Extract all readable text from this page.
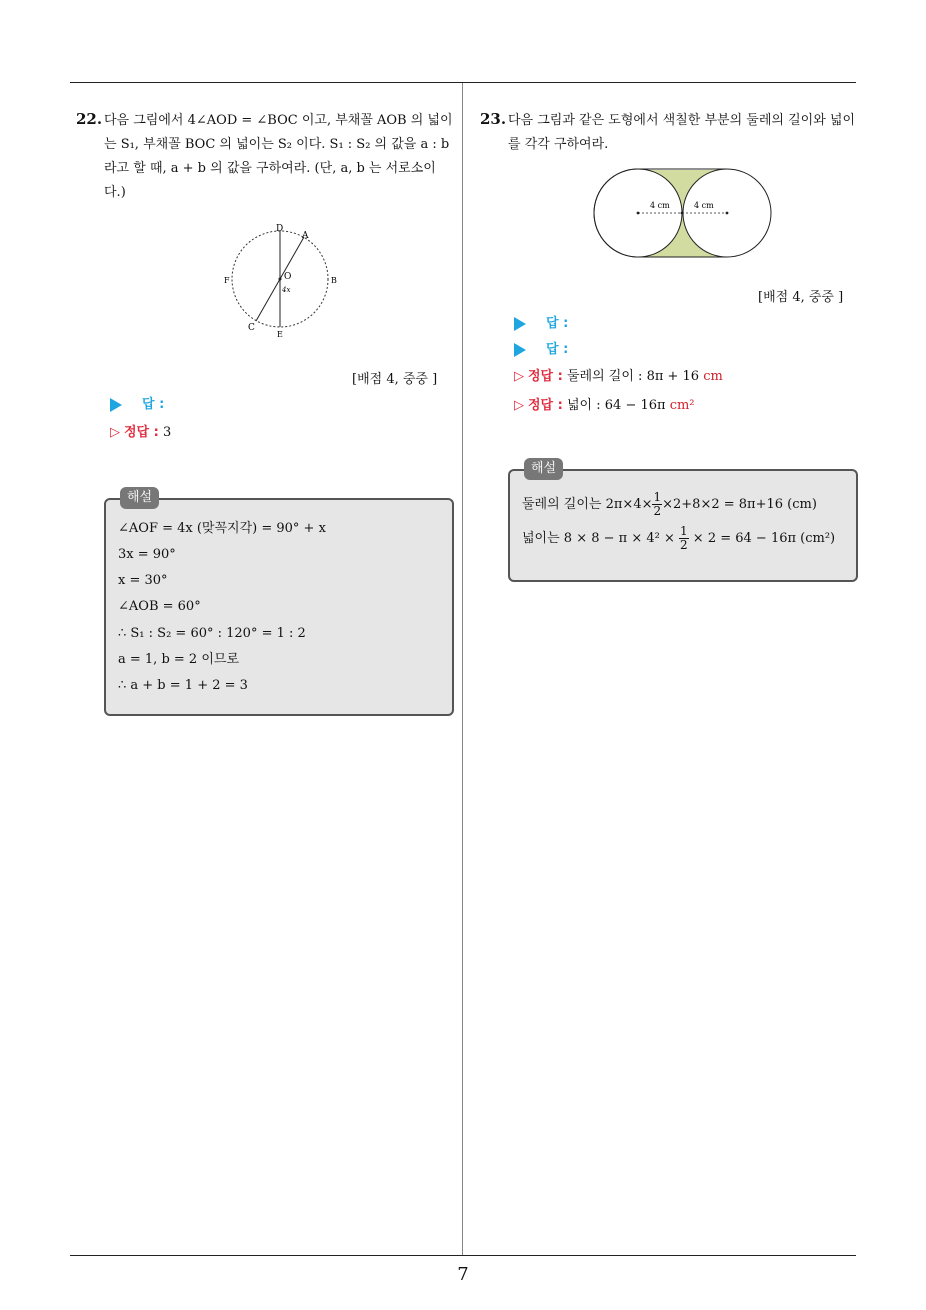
22. 다음 그림에서 4∠AOD = ∠BOC 이고, 부채꼴 AOB 의 넓이는 S₁, 부채꼴 BOC 의 넓이는 S₂ 이다. S₁ : S₂ 의 값을 a : b 라고 할 때, a + b 의 값을 구하여라. (단, a, b 는 서로소이다.)
D
A
F	B
C
E
O
4x
[배점 4, 중중 ]
답 :
▷ 정답 : 3
∠AOF = 4x (맞꼭지각) = 90° + x
3x = 90°
x = 30°
∠AOB = 60°
∴ S₁ : S₂ = 60° : 120° = 1 : 2
a = 1, b = 2 이므로
∴ a + b = 1 + 2 = 3
해설
23. 다음 그림과 같은 도형에서 색칠한 부분의 둘레의 길이와 넓이를 각각 구하여라.
4 cm	4 cm
[배점 4, 중중 ]
답 :
답 :
▷ 정답 : 둘레의 길이 : 8π + 16 cm
▷ 정답 : 넓이 : 64 − 16π cm²
둘레의 길이는 $2\pi\times 4\times \frac{1}{2} \times 2+8\times 2 = 8\pi+16$ (cm)
넓이는 $8 \times 8 - \pi \times 4^2 \times \frac{1}{2} \times 2 = 64 - 16\pi$ (cm²)
해설
7
